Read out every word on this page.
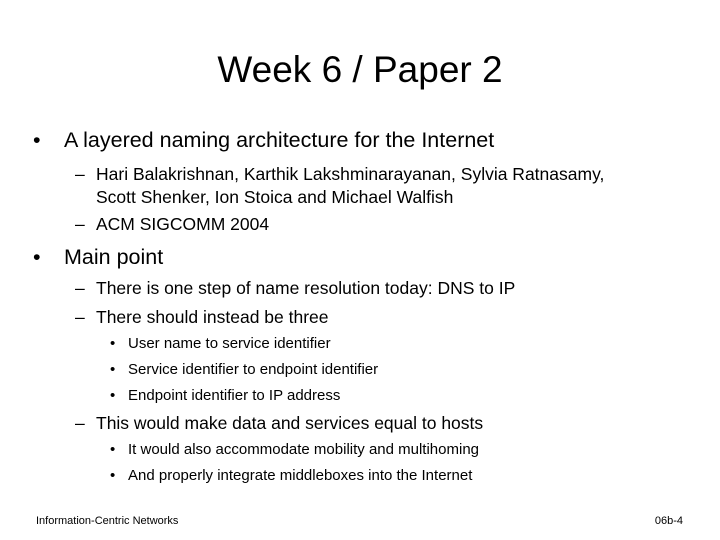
Week 6 / Paper 2
• A layered naming architecture for the Internet
– Hari Balakrishnan, Karthik Lakshminarayanan, Sylvia Ratnasamy,
Scott Shenker, Ion Stoica and Michael Walfish
– ACM SIGCOMM 2004
• Main point
– There is one step of name resolution today: DNS to IP
– There should instead be three
• User name to service identifier
• Service identifier to endpoint identifier
• Endpoint identifier to IP address
– This would make data and services equal to hosts
• It would also accommodate mobility and multihoming
• And properly integrate middleboxes into the Internet
Information-Centric Networks	06b-4
